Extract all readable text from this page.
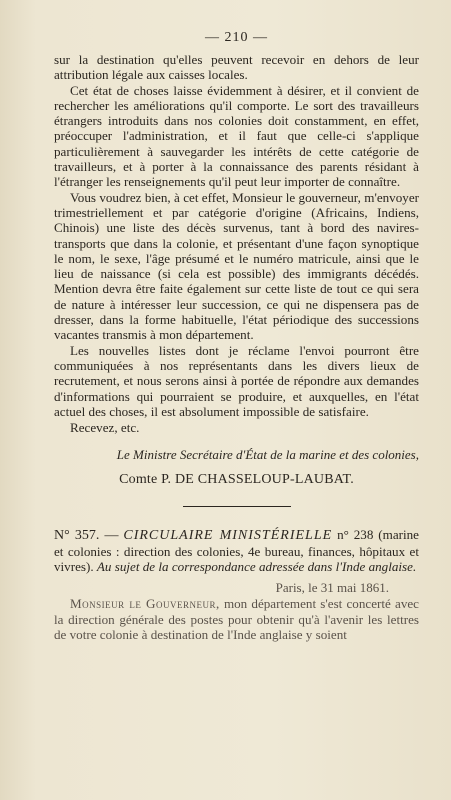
— 210 —

sur la destination qu'elles peuvent recevoir en dehors de leur attribution légale aux caisses locales.

Cet état de choses laisse évidemment à désirer, et il convient de rechercher les améliorations qu'il comporte. Le sort des travailleurs étrangers introduits dans nos colonies doit constamment, en effet, préoccuper l'administration, et il faut que celle-ci s'applique particulièrement à sauvegarder les intérêts de cette catégorie de travailleurs, et à porter à la connaissance des parents résidant à l'étranger les renseignements qu'il peut leur importer de connaître.

Vous voudrez bien, à cet effet, Monsieur le gouverneur, m'envoyer trimestriellement et par catégorie d'origine (Africains, Indiens, Chinois) une liste des décès survenus, tant à bord des navires-transports que dans la colonie, et présentant d'une façon synoptique le nom, le sexe, l'âge présumé et le numéro matricule, ainsi que le lieu de naissance (si cela est possible) des immigrants décédés. Mention devra être faite également sur cette liste de tout ce qui sera de nature à intéresser leur succession, ce qui ne dispensera pas de dresser, dans la forme habituelle, l'état périodique des successions vacantes transmis à mon département.

Les nouvelles listes dont je réclame l'envoi pourront être communiquées à nos représentants dans les divers lieux de recrutement, et nous serons ainsi à portée de répondre aux demandes d'informations qui pourraient se produire, et auxquelles, en l'état actuel des choses, il est absolument impossible de satisfaire.

Recevez, etc.

Le Ministre Secrétaire d'État de la marine et des colonies,
Comte P. DE CHASSELOUP-LAUBAT.

N° 357. — CIRCULAIRE MINISTÉRIELLE n° 238 (marine et colonies : direction des colonies, 4e bureau, finances, hôpitaux et vivres). Au sujet de la correspondance adressée dans l'Inde anglaise.

Paris, le 31 mai 1861.

Monsieur le Gouverneur, mon département s'est concerté avec la direction générale des postes pour obtenir qu'à l'avenir les lettres de votre colonie à destination de l'Inde anglaise y soient
